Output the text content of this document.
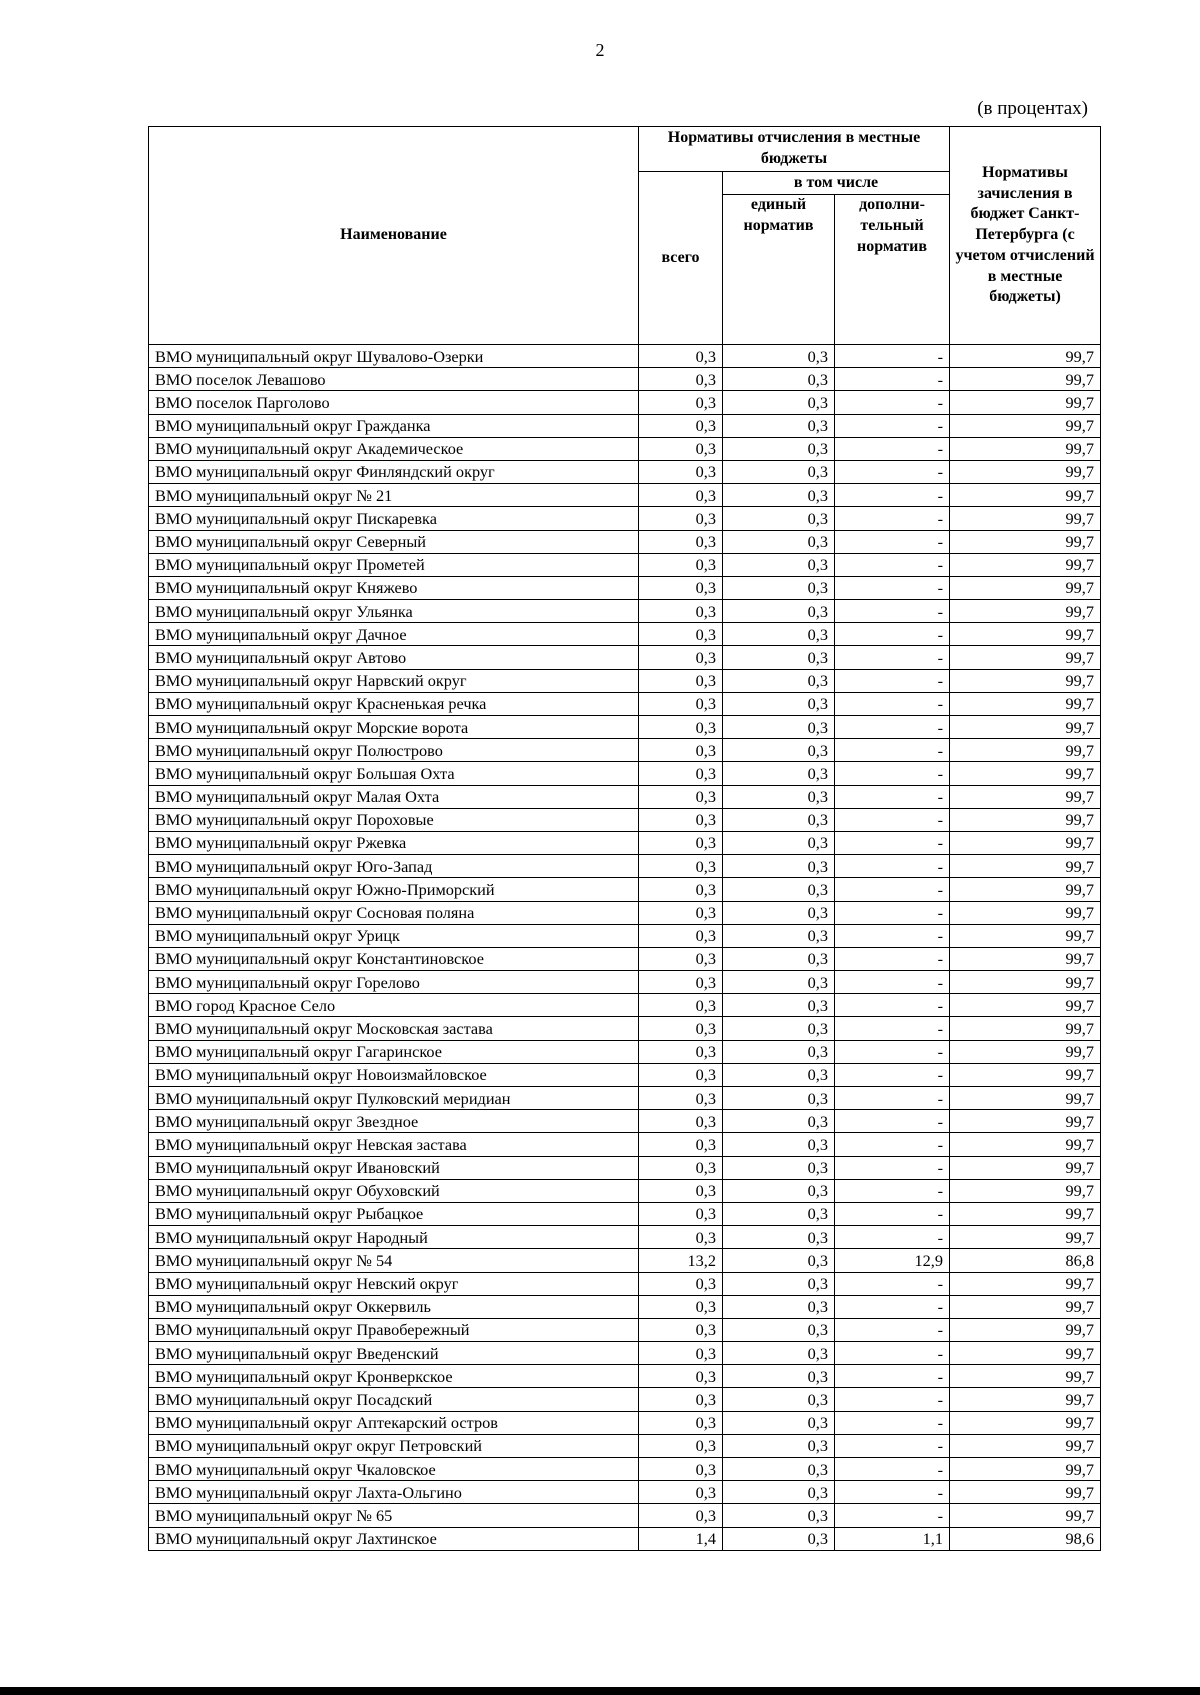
2
(в процентах)
Наименование	Нормативы отчисления в местные бюджеты			Нормативы зачисления в бюджет Санкт-Петербурга (с учетом отчислений в местные бюджеты)
	всего	в том числе		
		единый норматив	дополни-тельный норматив	
ВМО муниципальный округ Шувалово-Озерки	0,3	0,3	-	99,7
ВМО поселок Левашово	0,3	0,3	-	99,7
ВМО поселок Парголово	0,3	0,3	-	99,7
ВМО муниципальный округ Гражданка	0,3	0,3	-	99,7
ВМО муниципальный округ Академическое	0,3	0,3	-	99,7
ВМО муниципальный округ Финляндский округ	0,3	0,3	-	99,7
ВМО муниципальный округ № 21	0,3	0,3	-	99,7
ВМО муниципальный округ Пискаревка	0,3	0,3	-	99,7
ВМО муниципальный округ Северный	0,3	0,3	-	99,7
ВМО муниципальный округ Прометей	0,3	0,3	-	99,7
ВМО муниципальный округ Княжево	0,3	0,3	-	99,7
ВМО муниципальный округ Ульянка	0,3	0,3	-	99,7
ВМО муниципальный округ Дачное	0,3	0,3	-	99,7
ВМО муниципальный округ Автово	0,3	0,3	-	99,7
ВМО муниципальный округ Нарвский округ	0,3	0,3	-	99,7
ВМО муниципальный округ Красненькая речка	0,3	0,3	-	99,7
ВМО муниципальный округ Морские ворота	0,3	0,3	-	99,7
ВМО муниципальный округ Полюстрово	0,3	0,3	-	99,7
ВМО муниципальный округ Большая Охта	0,3	0,3	-	99,7
ВМО муниципальный округ Малая Охта	0,3	0,3	-	99,7
ВМО муниципальный округ Пороховые	0,3	0,3	-	99,7
ВМО муниципальный округ Ржевка	0,3	0,3	-	99,7
ВМО муниципальный округ Юго-Запад	0,3	0,3	-	99,7
ВМО муниципальный округ Южно-Приморский	0,3	0,3	-	99,7
ВМО муниципальный округ Сосновая поляна	0,3	0,3	-	99,7
ВМО муниципальный округ Урицк	0,3	0,3	-	99,7
ВМО муниципальный округ Константиновское	0,3	0,3	-	99,7
ВМО муниципальный округ Горелово	0,3	0,3	-	99,7
ВМО город Красное Село	0,3	0,3	-	99,7
ВМО муниципальный округ Московская застава	0,3	0,3	-	99,7
ВМО муниципальный округ Гагаринское	0,3	0,3	-	99,7
ВМО муниципальный округ Новоизмайловское	0,3	0,3	-	99,7
ВМО муниципальный округ Пулковский меридиан	0,3	0,3	-	99,7
ВМО муниципальный округ Звездное	0,3	0,3	-	99,7
ВМО муниципальный округ Невская застава	0,3	0,3	-	99,7
ВМО муниципальный округ Ивановский	0,3	0,3	-	99,7
ВМО муниципальный округ Обуховский	0,3	0,3	-	99,7
ВМО муниципальный округ Рыбацкое	0,3	0,3	-	99,7
ВМО муниципальный округ Народный	0,3	0,3	-	99,7
ВМО муниципальный округ № 54	13,2	0,3	12,9	86,8
ВМО муниципальный округ Невский округ	0,3	0,3	-	99,7
ВМО муниципальный округ Оккервиль	0,3	0,3	-	99,7
ВМО муниципальный округ Правобережный	0,3	0,3	-	99,7
ВМО муниципальный округ Введенский	0,3	0,3	-	99,7
ВМО муниципальный округ Кронверкское	0,3	0,3	-	99,7
ВМО муниципальный округ Посадский	0,3	0,3	-	99,7
ВМО муниципальный округ Аптекарский остров	0,3	0,3	-	99,7
ВМО муниципальный округ округ Петровский	0,3	0,3	-	99,7
ВМО муниципальный округ Чкаловское	0,3	0,3	-	99,7
ВМО муниципальный округ Лахта-Ольгино	0,3	0,3	-	99,7
ВМО муниципальный округ № 65	0,3	0,3	-	99,7
ВМО муниципальный округ Лахтинское	1,4	0,3	1,1	98,6
